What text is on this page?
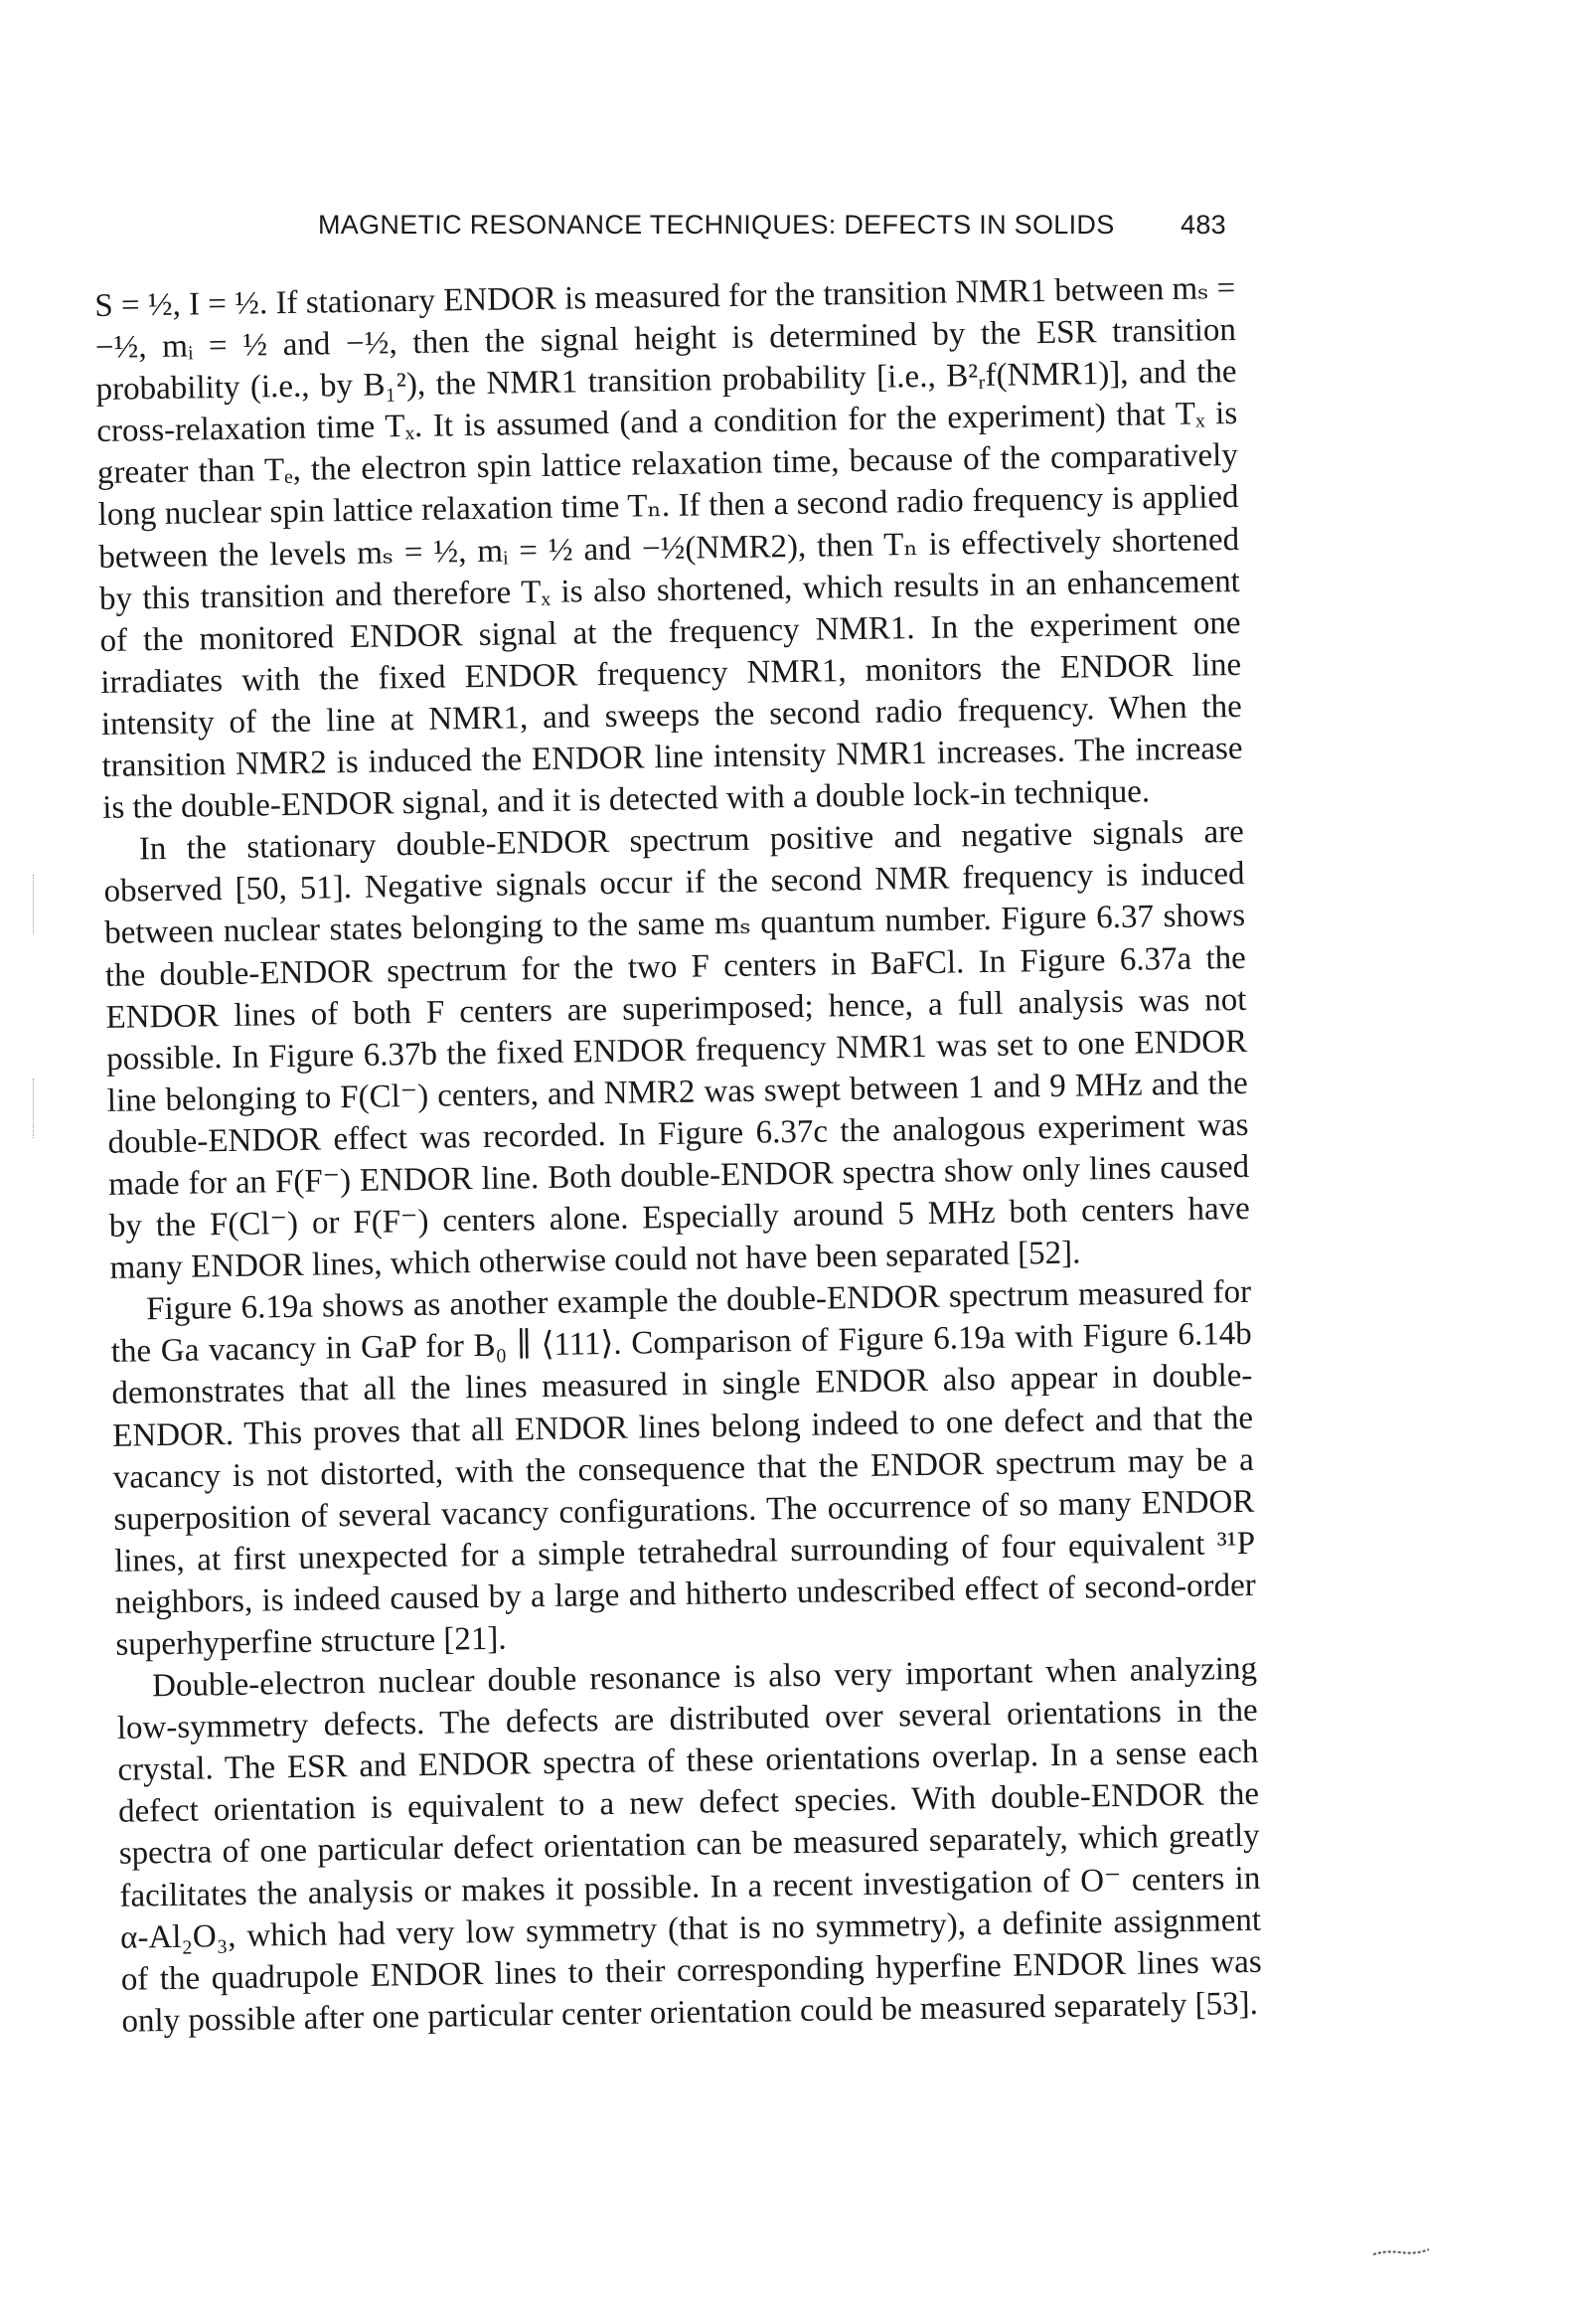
MAGNETIC RESONANCE TECHNIQUES: DEFECTS IN SOLIDS 483

S = ½, I = ½. If stationary ENDOR is measured for the transition NMR1 between mₛ = −½, mᵢ = ½ and −½, then the signal height is determined by the ESR transition probability (i.e., by B₁²), the NMR1 transition probability [i.e., B²ᵣf(NMR1)], and the cross-relaxation time Tₓ. It is assumed (and a condition for the experiment) that Tₓ is greater than Tₑ, the electron spin lattice relaxation time, because of the comparatively long nuclear spin lattice relaxation time Tₙ. If then a second radio frequency is applied between the levels mₛ = ½, mᵢ = ½ and −½(NMR2), then Tₙ is effectively shortened by this transition and therefore Tₓ is also shortened, which results in an enhancement of the monitored ENDOR signal at the frequency NMR1. In the experiment one irradiates with the fixed ENDOR frequency NMR1, monitors the ENDOR line intensity of the line at NMR1, and sweeps the second radio frequency. When the transition NMR2 is induced the ENDOR line intensity NMR1 increases. The increase is the double-ENDOR signal, and it is detected with a double lock-in technique.

In the stationary double-ENDOR spectrum positive and negative signals are observed [50, 51]. Negative signals occur if the second NMR frequency is induced between nuclear states belonging to the same mₛ quantum number. Figure 6.37 shows the double-ENDOR spectrum for the two F centers in BaFCl. In Figure 6.37a the ENDOR lines of both F centers are superimposed; hence, a full analysis was not possible. In Figure 6.37b the fixed ENDOR frequency NMR1 was set to one ENDOR line belonging to F(Cl⁻) centers, and NMR2 was swept between 1 and 9 MHz and the double-ENDOR effect was recorded. In Figure 6.37c the analogous experiment was made for an F(F⁻) ENDOR line. Both double-ENDOR spectra show only lines caused by the F(Cl⁻) or F(F⁻) centers alone. Especially around 5 MHz both centers have many ENDOR lines, which otherwise could not have been separated [52].

Figure 6.19a shows as another example the double-ENDOR spectrum measured for the Ga vacancy in GaP for B₀ ∥ ⟨111⟩. Comparison of Figure 6.19a with Figure 6.14b demonstrates that all the lines measured in single ENDOR also appear in double-ENDOR. This proves that all ENDOR lines belong indeed to one defect and that the vacancy is not distorted, with the consequence that the ENDOR spectrum may be a superposition of several vacancy configurations. The occurrence of so many ENDOR lines, at first unexpected for a simple tetrahedral surrounding of four equivalent ³¹P neighbors, is indeed caused by a large and hitherto undescribed effect of second-order superhyperfine structure [21].

Double-electron nuclear double resonance is also very important when analyzing low-symmetry defects. The defects are distributed over several orientations in the crystal. The ESR and ENDOR spectra of these orientations overlap. In a sense each defect orientation is equivalent to a new defect species. With double-ENDOR the spectra of one particular defect orientation can be measured separately, which greatly facilitates the analysis or makes it possible. In a recent investigation of O⁻ centers in α-Al₂O₃, which had very low symmetry (that is no symmetry), a definite assignment of the quadrupole ENDOR lines to their corresponding hyperfine ENDOR lines was only possible after one particular center orientation could be measured separately [53].
